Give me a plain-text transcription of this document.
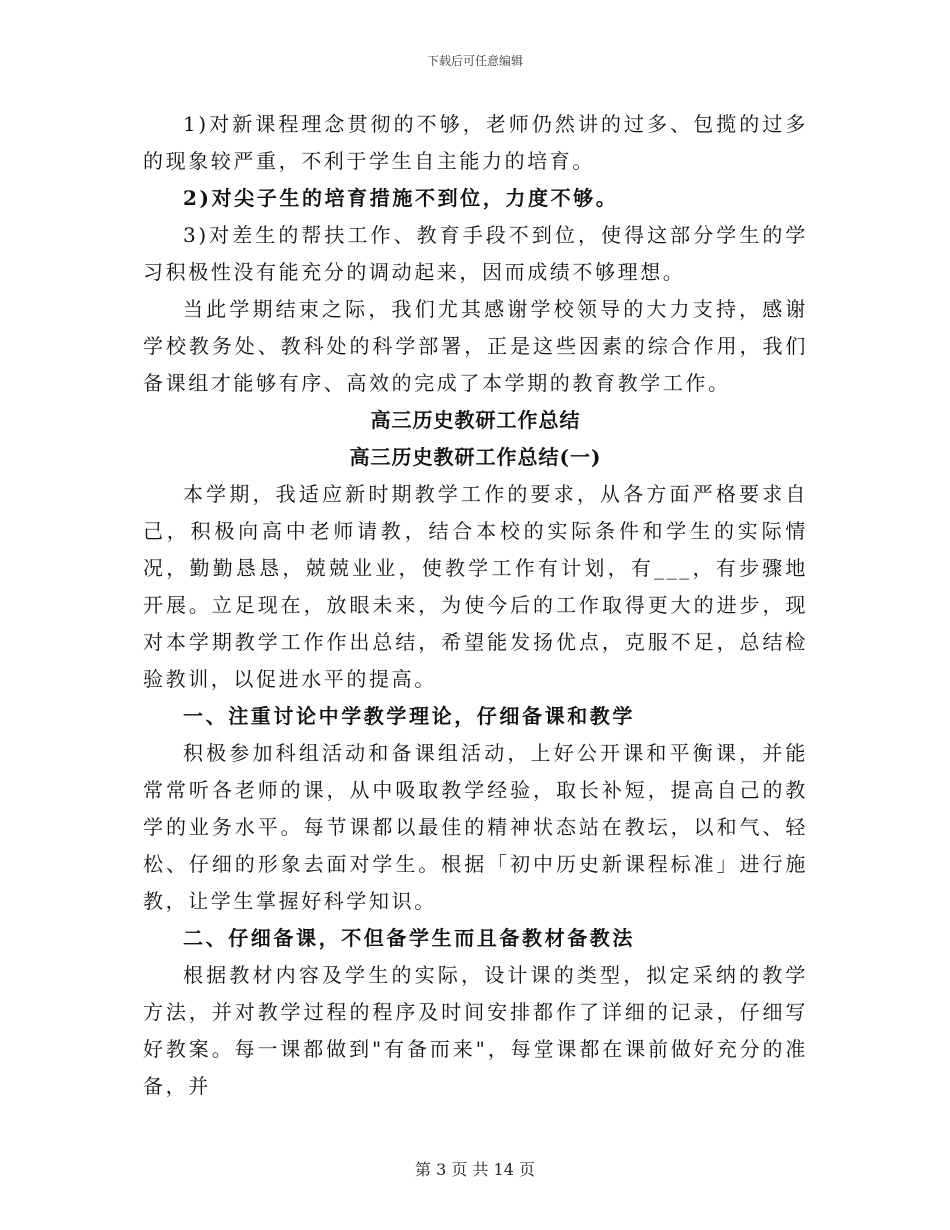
下载后可任意编辑

1)对新课程理念贯彻的不够，老师仍然讲的过多、包揽的过多的现象较严重，不利于学生自主能力的培育。

2)对尖子生的培育措施不到位，力度不够。

3)对差生的帮扶工作、教育手段不到位，使得这部分学生的学习积极性没有能充分的调动起来，因而成绩不够理想。

当此学期结束之际，我们尤其感谢学校领导的大力支持，感谢学校教务处、教科处的科学部署，正是这些因素的综合作用，我们备课组才能够有序、高效的完成了本学期的教育教学工作。

高三历史教研工作总结

高三历史教研工作总结(一)

本学期，我适应新时期教学工作的要求，从各方面严格要求自己，积极向高中老师请教，结合本校的实际条件和学生的实际情况，勤勤恳恳，兢兢业业，使教学工作有计划，有___，有步骤地开展。立足现在，放眼未来，为使今后的工作取得更大的进步，现对本学期教学工作作出总结，希望能发扬优点，克服不足，总结检验教训，以促进水平的提高。

一、注重讨论中学教学理论，仔细备课和教学

积极参加科组活动和备课组活动，上好公开课和平衡课，并能常常听各老师的课，从中吸取教学经验，取长补短，提高自己的教学的业务水平。每节课都以最佳的精神状态站在教坛，以和气、轻松、仔细的形象去面对学生。根据「初中历史新课程标准」进行施教，让学生掌握好科学知识。

二、仔细备课，不但备学生而且备教材备教法

根据教材内容及学生的实际，设计课的类型，拟定采纳的教学方法，并对教学过程的程序及时间安排都作了详细的记录，仔细写好教案。每一课都做到"有备而来"，每堂课都在课前做好充分的准备，并

第 3 页 共 14 页
